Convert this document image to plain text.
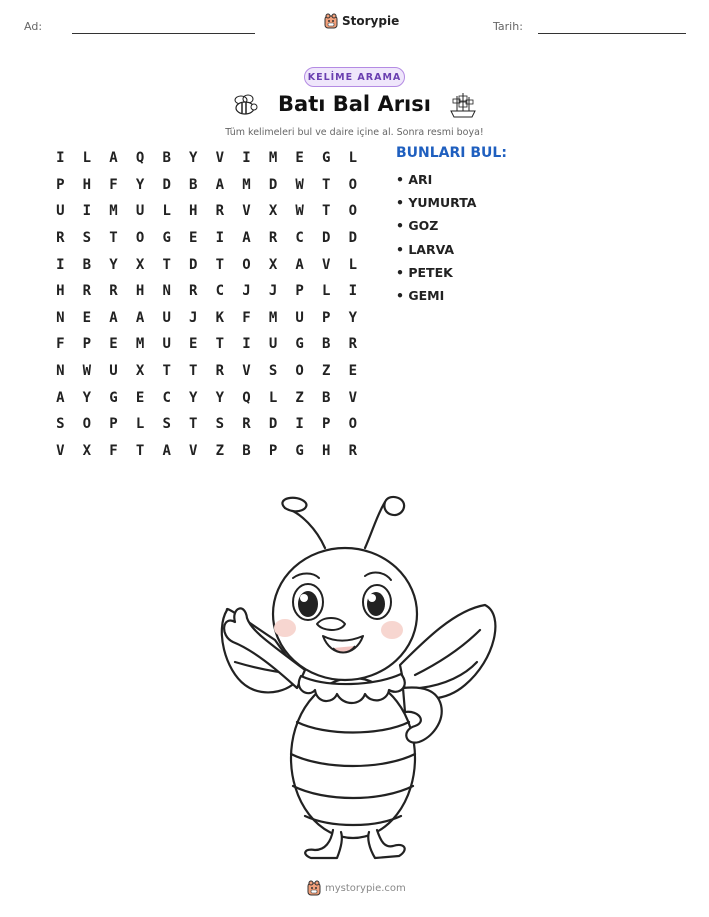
Ad:	Storypie	Tarih:
KELİME ARAMA
Batı Bal Arısı
Tüm kelimeleri bul ve daire içine al. Sonra resmi boya!
I	L	A	Q	B	Y	V	I	M	E	G	L
P	H	F	Y	D	B	A	M	D	W	T	O
U	I	M	U	L	H	R	V	X	W	T	O
R	S	T	O	G	E	I	A	R	C	D	D
I	B	Y	X	T	D	T	O	X	A	V	L
H	R	R	H	N	R	C	J	J	P	L	I
N	E	A	A	U	J	K	F	M	U	P	Y
F	P	E	M	U	E	T	I	U	G	B	R
N	W	U	X	T	T	R	V	S	O	Z	E
A	Y	G	E	C	Y	Y	Q	L	Z	B	V
S	O	P	L	S	T	S	R	D	I	P	O
V	X	F	T	A	V	Z	B	P	G	H	R
BUNLARI BUL:
• ARI
• YUMURTA
• GOZ
• LARVA
• PETEK
• GEMI
mystorypie.com
